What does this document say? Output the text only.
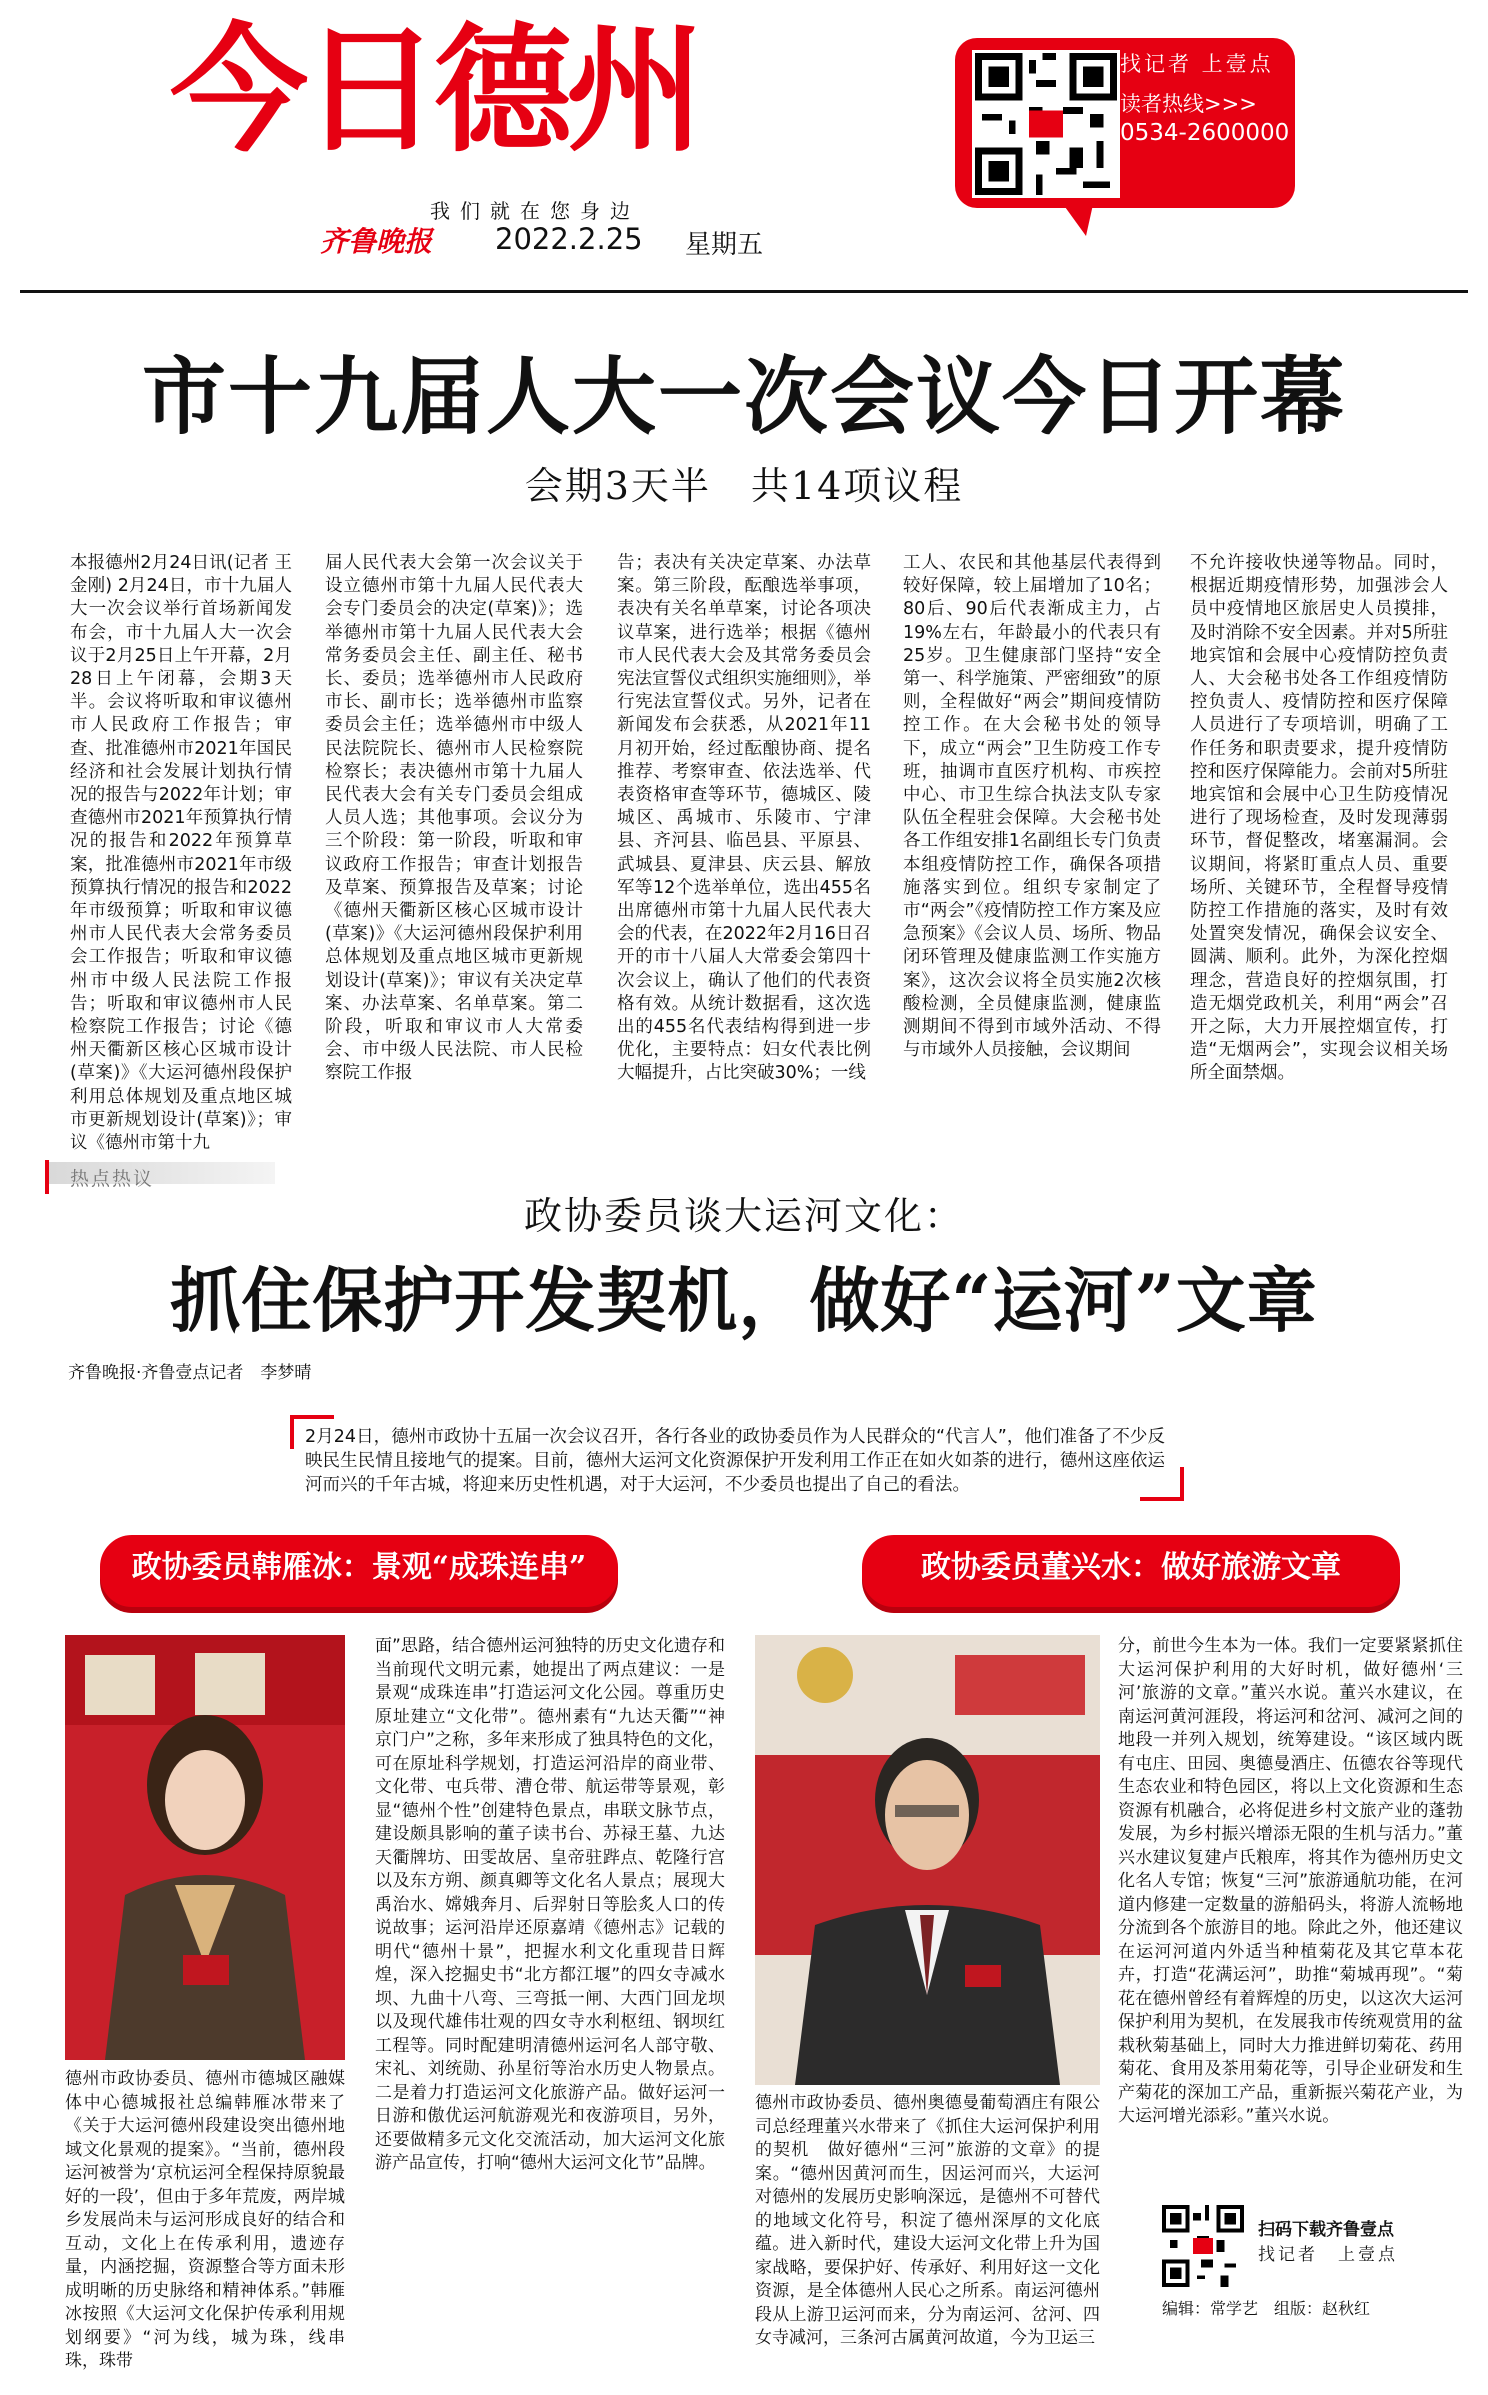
今日德州
我们就在您身边
齐鲁晚报 2022.2.25 星期五
找记者 上壹点
读者热线>>>
0534-2600000
市十九届人大一次会议今日开幕
会期3天半　共14项议程
本报德州2月24日讯(记者 王金刚) 2月24日，市十九届人大一次会议举行首场新闻发布会，市十九届人大一次会议于2月25日上午开幕，2月28日上午闭幕，会期3天半。会议将听取和审议德州市人民政府工作报告；审查、批准德州市2021年国民经济和社会发展计划执行情况的报告与2022年计划；审查德州市2021年预算执行情况的报告和2022年预算草案，批准德州市2021年市级预算执行情况的报告和2022年市级预算；听取和审议德州市人民代表大会常务委员会工作报告；听取和审议德州市中级人民法院工作报告；听取和审议德州市人民检察院工作报告；讨论《德州天衢新区核心区城市设计(草案)》《大运河德州段保护利用总体规划及重点地区城市更新规划设计(草案)》；审议《德州市第十九
届人民代表大会第一次会议关于设立德州市第十九届人民代表大会专门委员会的决定(草案)》；选举德州市第十九届人民代表大会常务委员会主任、副主任、秘书长、委员；选举德州市人民政府市长、副市长；选举德州市监察委员会主任；选举德州市中级人民法院院长、德州市人民检察院检察长；表决德州市第十九届人民代表大会有关专门委员会组成人员人选；其他事项。会议分为三个阶段：第一阶段，听取和审议政府工作报告；审查计划报告及草案、预算报告及草案；讨论《德州天衢新区核心区城市设计(草案)》《大运河德州段保护利用总体规划及重点地区城市更新规划设计(草案)》；审议有关决定草案、办法草案、名单草案。第二阶段，听取和审议市人大常委会、市中级人民法院、市人民检察院工作报
告；表决有关决定草案、办法草案。第三阶段，酝酿选举事项，表决有关名单草案，讨论各项决议草案，进行选举；根据《德州市人民代表大会及其常务委员会宪法宣誓仪式组织实施细则》，举行宪法宣誓仪式。另外，记者在新闻发布会获悉，从2021年11月初开始，经过酝酿协商、提名推荐、考察审查、依法选举、代表资格审查等环节，德城区、陵城区、禹城市、乐陵市、宁津县、齐河县、临邑县、平原县、武城县、夏津县、庆云县、解放军等12个选举单位，选出455名出席德州市第十九届人民代表大会的代表，在2022年2月16日召开的市十八届人大常委会第四十次会议上，确认了他们的代表资格有效。从统计数据看，这次选出的455名代表结构得到进一步优化，主要特点：妇女代表比例大幅提升，占比突破30%；一线
工人、农民和其他基层代表得到较好保障，较上届增加了10名；80后、90后代表渐成主力，占19%左右，年龄最小的代表只有25岁。卫生健康部门坚持“安全第一、科学施策、严密细致”的原则，全程做好“两会”期间疫情防控工作。在大会秘书处的领导下，成立“两会”卫生防疫工作专班，抽调市直医疗机构、市疾控中心、市卫生综合执法支队专家队伍全程驻会保障。大会秘书处各工作组安排1名副组长专门负责本组疫情防控工作，确保各项措施落实到位。组织专家制定了市“两会”《疫情防控工作方案及应急预案》《会议人员、场所、物品闭环管理及健康监测工作实施方案》，这次会议将全员实施2次核酸检测，全员健康监测，健康监测期间不得到市域外活动、不得与市域外人员接触，会议期间
不允许接收快递等物品。同时，根据近期疫情形势，加强涉会人员中疫情地区旅居史人员摸排，及时消除不安全因素。并对5所驻地宾馆和会展中心疫情防控负责人、大会秘书处各工作组疫情防控负责人、疫情防控和医疗保障人员进行了专项培训，明确了工作任务和职责要求，提升疫情防控和医疗保障能力。会前对5所驻地宾馆和会展中心卫生防疫情况进行了现场检查，及时发现薄弱环节，督促整改，堵塞漏洞。会议期间，将紧盯重点人员、重要场所、关键环节，全程督导疫情防控工作措施的落实，及时有效处置突发情况，确保会议安全、圆满、顺利。此外，为深化控烟理念，营造良好的控烟氛围，打造无烟党政机关，利用“两会”召开之际，大力开展控烟宣传，打造“无烟两会”，实现会议相关场所全面禁烟。
热点热议
政协委员谈大运河文化：
抓住保护开发契机，做好“运河”文章
齐鲁晚报·齐鲁壹点记者　李梦晴
2月24日，德州市政协十五届一次会议召开，各行各业的政协委员作为人民群众的“代言人”，他们准备了不少反映民生民情且接地气的提案。目前，德州大运河文化资源保护开发利用工作正在如火如荼的进行，德州这座依运河而兴的千年古城，将迎来历史性机遇，对于大运河，不少委员也提出了自己的看法。
政协委员韩雁冰：景观“成珠连串”	政协委员董兴水：做好旅游文章
德州市政协委员、德州市德城区融媒体中心德城报社总编韩雁冰带来了《关于大运河德州段建设突出德州地域文化景观的提案》。“当前，德州段运河被誉为‘京杭运河全程保持原貌最好的一段’，但由于多年荒废，两岸城乡发展尚未与运河形成良好的结合和互动，文化上在传承利用，遗迹存量，内涵挖掘，资源整合等方面未形成明晰的历史脉络和精神体系。”韩雁冰按照《大运河文化保护传承利用规划纲要》“河为线，城为珠，线串珠，珠带
面”思路，结合德州运河独特的历史文化遗存和当前现代文明元素，她提出了两点建议：一是景观“成珠连串”打造运河文化公园。尊重历史原址建立“文化带”。德州素有“九达天衢”“神京门户”之称，多年来形成了独具特色的文化，可在原址科学规划，打造运河沿岸的商业带、文化带、屯兵带、漕仓带、航运带等景观，彰显“德州个性”创建特色景点，串联文脉节点，建设颇具影响的董子读书台、苏禄王墓、九达天衢牌坊、田雯故居、皇帝驻跸点、乾隆行宫以及东方朔、颜真卿等文化名人景点；展现大禹治水、嫦娥奔月、后羿射日等脍炙人口的传说故事；运河沿岸还原嘉靖《德州志》记载的明代“德州十景”，把握水利文化重现昔日辉煌，深入挖掘史书“北方都江堰”的四女寺减水坝、九曲十八弯、三弯抵一闸、大西门回龙坝以及现代雄伟壮观的四女寺水利枢纽、钢坝红工程等。同时配建明清德州运河名人部守敬、宋礼、刘统勋、孙星衍等治水历史人物景点。二是着力打造运河文化旅游产品。做好运河一日游和傲优运河航游观光和夜游项目，另外，还要做精多元文化交流活动，加大运河文化旅游产品宣传，打响“德州大运河文化节”品牌。
德州市政协委员、德州奥德曼葡萄酒庄有限公司总经理董兴水带来了《抓住大运河保护利用的契机　做好德州“三河”旅游的文章》的提案。“德州因黄河而生，因运河而兴，大运河对德州的发展历史影响深远，是德州不可替代的地域文化符号，积淀了德州深厚的文化底蕴。进入新时代，建设大运河文化带上升为国家战略，要保护好、传承好、利用好这一文化资源，是全体德州人民心之所系。南运河德州段从上游卫运河而来，分为南运河、岔河、四女寺减河，三条河古属黄河故道，今为卫运三
分，前世今生本为一体。我们一定要紧紧抓住大运河保护利用的大好时机，做好德州‘三河’旅游的文章。”董兴水说。董兴水建议，在南运河黄河涯段，将运河和岔河、减河之间的地段一并列入规划，统筹建设。“该区域内既有屯庄、田园、奥德曼酒庄、伍德农谷等现代生态农业和特色园区，将以上文化资源和生态资源有机融合，必将促进乡村文旅产业的蓬勃发展，为乡村振兴增添无限的生机与活力。”董兴水建议复建卢氏粮库，将其作为德州历史文化名人专馆；恢复“三河”旅游通航功能，在河道内修建一定数量的游船码头，将游人流畅地分流到各个旅游目的地。除此之外，他还建议在运河河道内外适当种植菊花及其它草本花卉，打造“花满运河”，助推“菊城再现”。“菊花在德州曾经有着辉煌的历史，以这次大运河保护利用为契机，在发展我市传统观赏用的盆栽秋菊基础上，同时大力推进鲜切菊花、药用菊花、食用及茶用菊花等，引导企业研发和生产菊花的深加工产品，重新振兴菊花产业，为大运河增光添彩。”董兴水说。
扫码下载齐鲁壹点
找记者　上壹点
编辑：常学艺　组版：赵秋红
